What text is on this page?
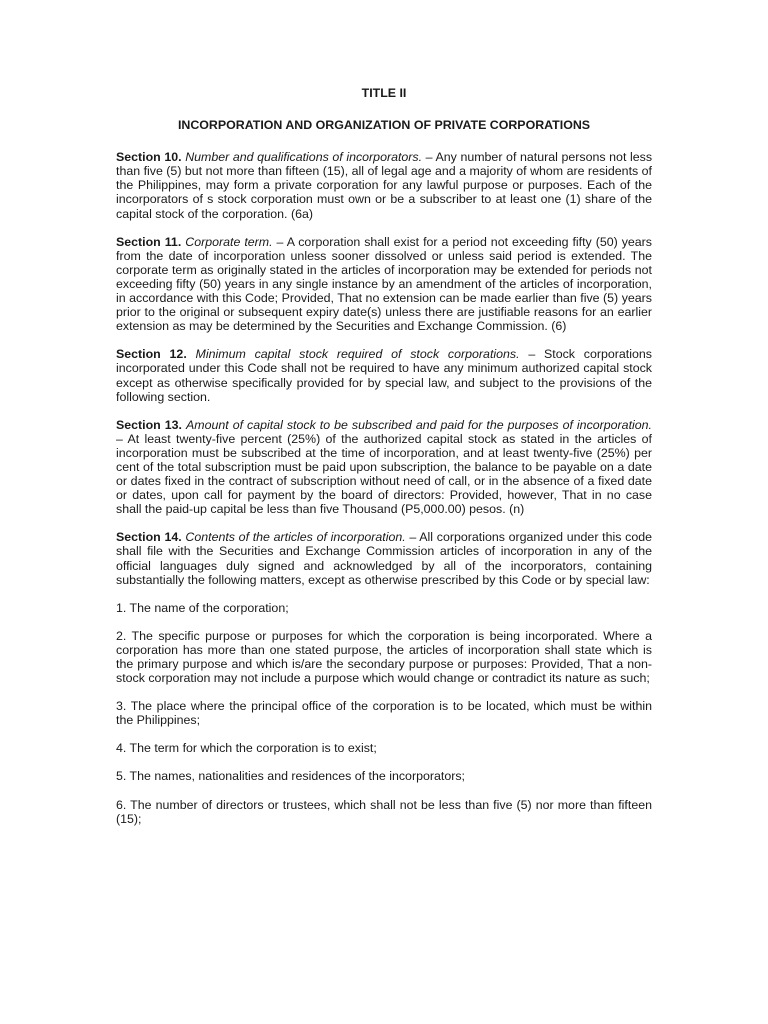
TITLE II

INCORPORATION AND ORGANIZATION OF PRIVATE CORPORATIONS

Section 10. Number and qualifications of incorporators. – Any number of natural persons not less than five (5) but not more than fifteen (15), all of legal age and a majority of whom are residents of the Philippines, may form a private corporation for any lawful purpose or purposes. Each of the incorporators of s stock corporation must own or be a subscriber to at least one (1) share of the capital stock of the corporation. (6a)

Section 11. Corporate term. – A corporation shall exist for a period not exceeding fifty (50) years from the date of incorporation unless sooner dissolved or unless said period is extended. The corporate term as originally stated in the articles of incorporation may be extended for periods not exceeding fifty (50) years in any single instance by an amendment of the articles of incorporation, in accordance with this Code; Provided, That no extension can be made earlier than five (5) years prior to the original or subsequent expiry date(s) unless there are justifiable reasons for an earlier extension as may be determined by the Securities and Exchange Commission. (6)

Section 12. Minimum capital stock required of stock corporations. – Stock corporations incorporated under this Code shall not be required to have any minimum authorized capital stock except as otherwise specifically provided for by special law, and subject to the provisions of the following section.

Section 13. Amount of capital stock to be subscribed and paid for the purposes of incorporation. – At least twenty-five percent (25%) of the authorized capital stock as stated in the articles of incorporation must be subscribed at the time of incorporation, and at least twenty-five (25%) per cent of the total subscription must be paid upon subscription, the balance to be payable on a date or dates fixed in the contract of subscription without need of call, or in the absence of a fixed date or dates, upon call for payment by the board of directors: Provided, however, That in no case shall the paid-up capital be less than five Thousand (P5,000.00) pesos. (n)

Section 14. Contents of the articles of incorporation. – All corporations organized under this code shall file with the Securities and Exchange Commission articles of incorporation in any of the official languages duly signed and acknowledged by all of the incorporators, containing substantially the following matters, except as otherwise prescribed by this Code or by special law:

1. The name of the corporation;

2. The specific purpose or purposes for which the corporation is being incorporated. Where a corporation has more than one stated purpose, the articles of incorporation shall state which is the primary purpose and which is/are the secondary purpose or purposes: Provided, That a non-stock corporation may not include a purpose which would change or contradict its nature as such;

3. The place where the principal office of the corporation is to be located, which must be within the Philippines;

4. The term for which the corporation is to exist;

5. The names, nationalities and residences of the incorporators;

6. The number of directors or trustees, which shall not be less than five (5) nor more than fifteen (15);
